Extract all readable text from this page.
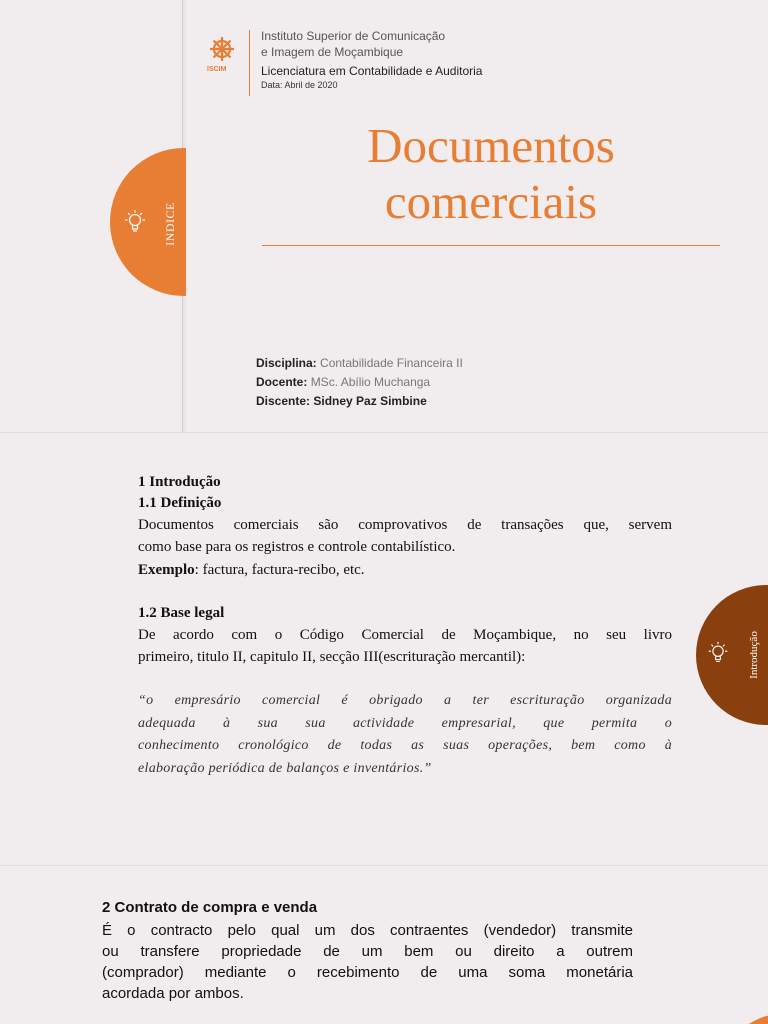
INDICE
ISCIM
Instituto Superior de Comunicação
e Imagem de Moçambique
Licenciatura em Contabilidade e Auditoria
Data: Abril de 2020
Documentos
comerciais
Disciplina: Contabilidade Financeira II
Docente: MSc. Abílio Muchanga
Discente: Sidney Paz Simbine
1 Introdução
1.1 Definição
Documentos comerciais são comprovativos de transações que, servem
como base para os registros e controle contabilístico.
Exemplo: factura, factura-recibo, etc.
1.2 Base legal
De acordo com o Código Comercial de Moçambique, no seu livro
primeiro, titulo II, capitulo II, secção III(escrituração mercantil):
“o empresário comercial é obrigado a ter escrituração organizada
adequada à sua sua actividade empresarial, que permita o
conhecimento cronológico de todas as suas operações, bem como à
elaboração periódica de balanços e inventários.”
Introdução
2 Contrato de compra e venda
É o contracto pelo qual um dos contraentes (vendedor) transmite
ou transfere propriedade de um bem ou direito a outrem
(comprador) mediante o recebimento de uma soma monetária
acordada por ambos.
